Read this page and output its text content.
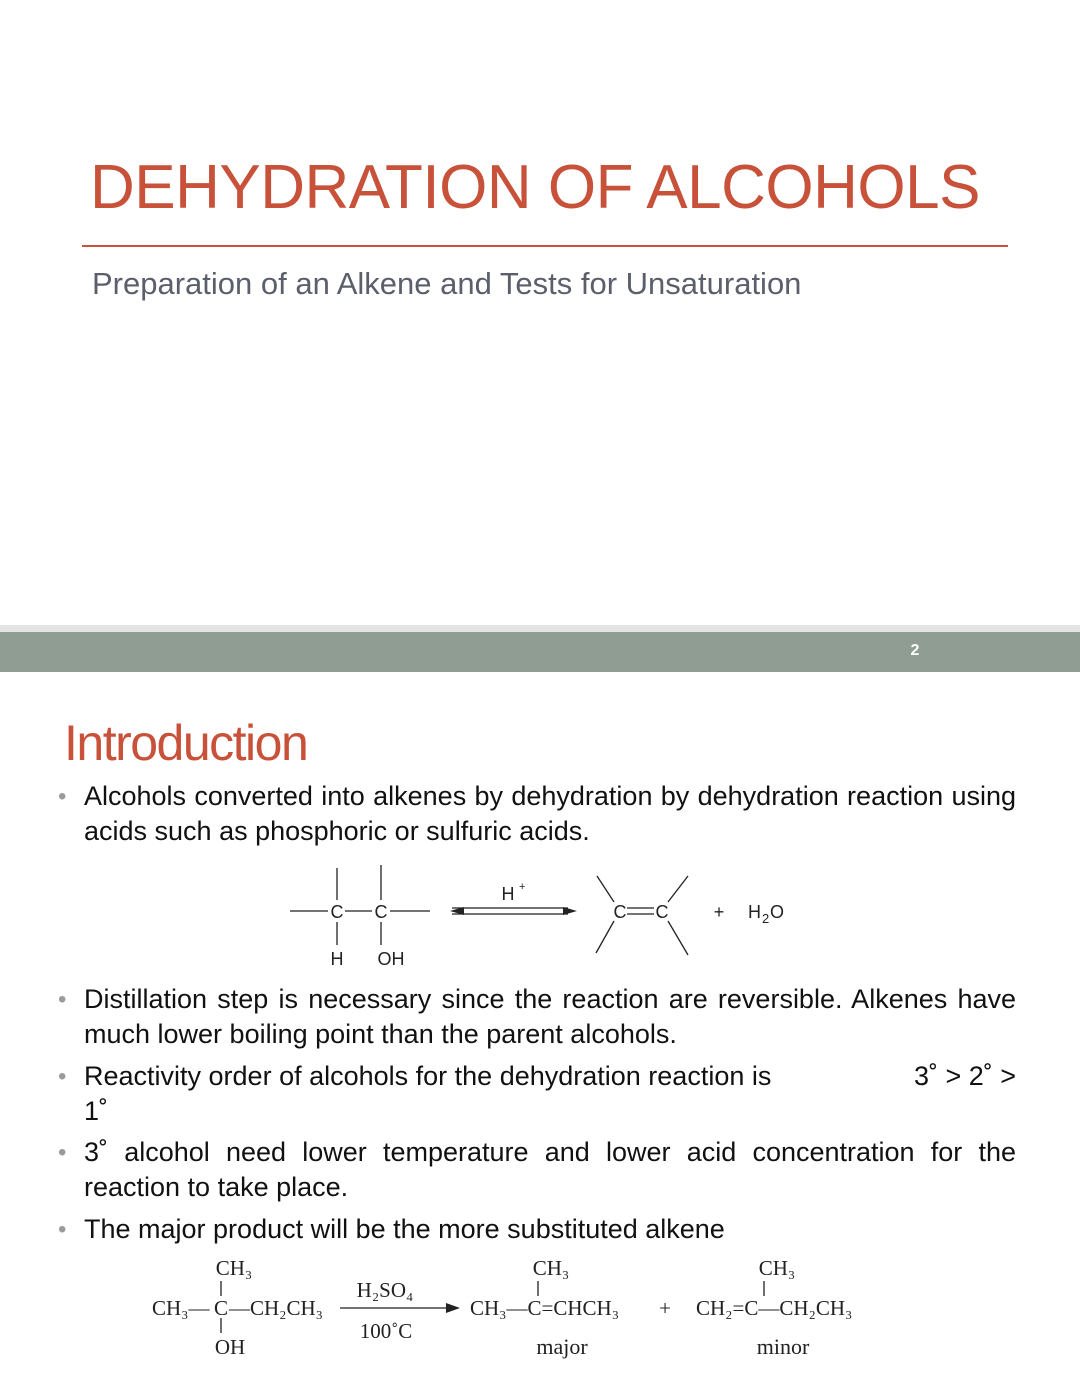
DEHYDRATION OF ALCOHOLS
Preparation of an Alkene and Tests for Unsaturation
2
Introduction
• Alcohols converted into alkenes by dehydration by dehydration reaction using acids such as phosphoric or sulfuric acids.
C C
H OH
H +
C C	+ H 2 O
• Distillation step is necessary since the reaction are reversible. Alkenes have much lower boiling point than the parent alcohols.
• Reactivity order of alcohols for the dehydration reaction is	3˚ > 2˚ >

1˚
• 3˚ alcohol need lower temperature and lower acid concentration for the reaction to take place.
• The major product will be the more substituted alkene
CH₃
CH₃— C —CH₂CH₃
OH
H₂SO₄
100˚C
CH₃
CH₃—C=CHCH₃ +
CH₃
CH₂=C—CH₂CH₃
major	minor
